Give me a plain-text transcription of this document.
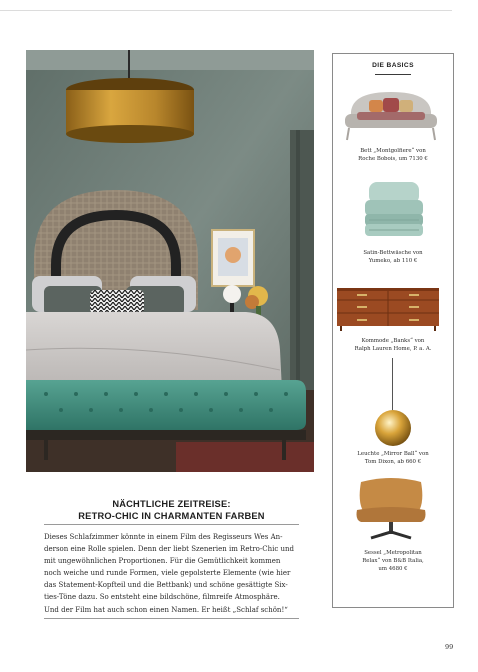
NÄCHTLICHE ZEITREISE:
RETRO-CHIC IN CHARMANTEN FARBEN
Dieses Schlafzimmer könnte in einem Film des Regisseurs Wes An-
derson eine Rolle spielen. Denn der liebt Szenerien im Retro-Chic und
mit ungewöhnlichen Proportionen. Für die Gemütlichkeit kommen
noch weiche und runde Formen, viele gepolsterte Elemente (wie hier
das Statement-Kopfteil und die Bettbank) und schöne gesättigte Six-
ties-Töne dazu. So entsteht eine bildschöne, filmreife Atmosphäre.
Und der Film hat auch schon einen Namen. Er heißt „Schlaf schön!“
DIE BASICS
Bett „Montgolfiere“ von
Roche Bobois, um 7130 €
Satin-Bettwäsche von
Yumeko, ab 110 €
Kommode „Banks“ von
Ralph Lauren Home, P. a. A.
Leuchte „Mirror Ball“ von
Tom Dixon, ab 660 €
Sessel „Metropolitan
Relax“ von B&B Italia,
um 4680 €
99
